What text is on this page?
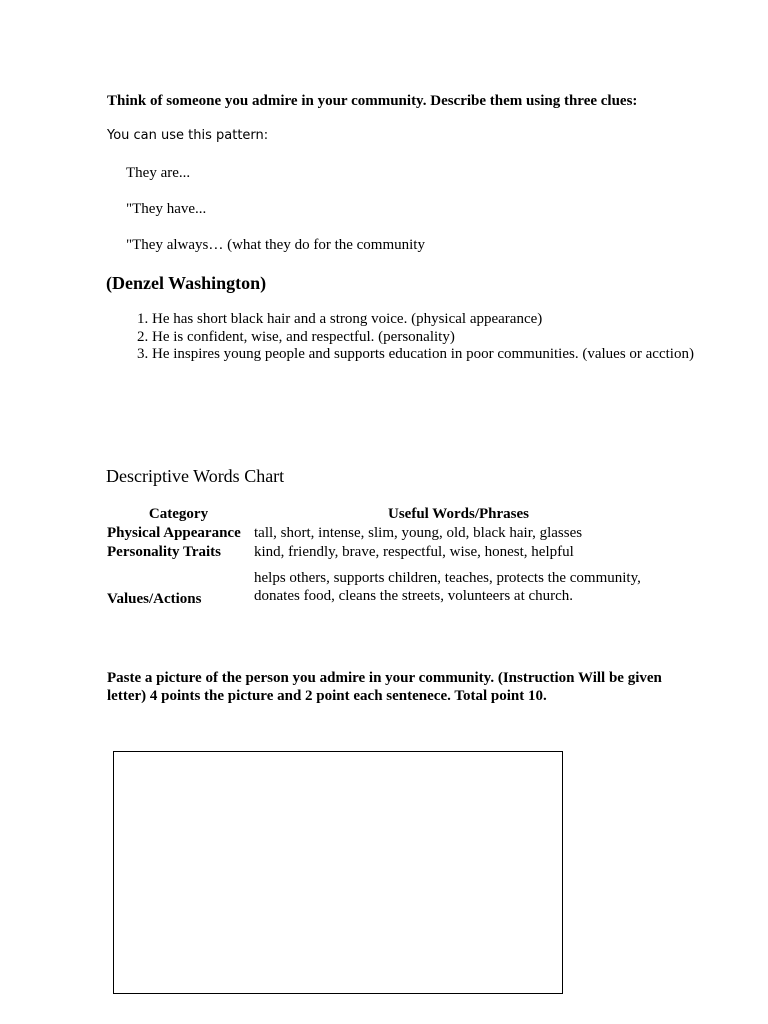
Think of someone you admire in your community. Describe them using three clues:

You can use this pattern:

They are...

"They have...

"They always… (what they do for the community

(Denzel Washington)

1. He has short black hair and a strong voice. (physical appearance)
2. He is confident, wise, and respectful. (personality)
3. He inspires young people and supports education in poor communities. (values or acction)

Descriptive Words Chart

Category	Useful Words/Phrases
Physical Appearance	tall, short, intense, slim, young, old, black hair, glasses
Personality Traits	kind, friendly, brave, respectful, wise, honest, helpful
Values/Actions	helps others, supports children, teaches, protects the community, donates food, cleans the streets, volunteers at church.

Paste a picture of the person you admire in your community. (Instruction Will be given letter) 4 points the picture and 2 point each sentenece. Total point 10.
